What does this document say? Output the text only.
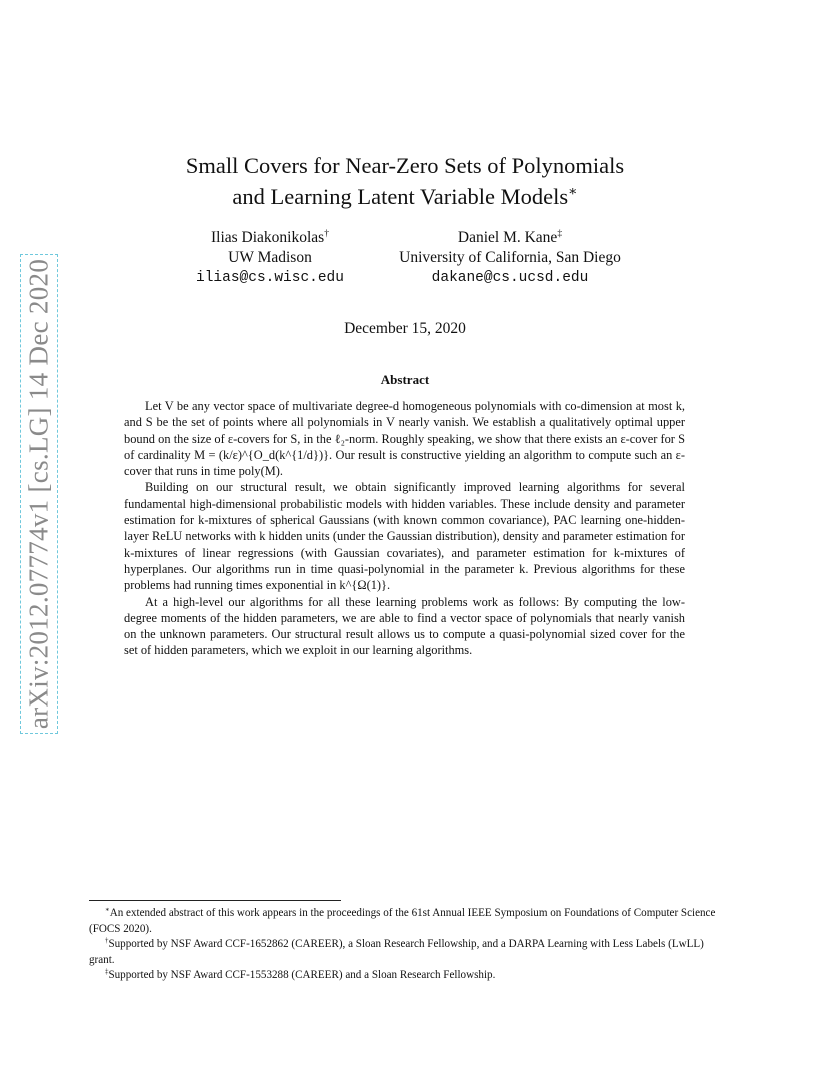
arXiv:2012.07774v1 [cs.LG] 14 Dec 2020
Small Covers for Near-Zero Sets of Polynomials
and Learning Latent Variable Models∗
Ilias Diakonikolas†
UW Madison
ilias@cs.wisc.edu
Daniel M. Kane‡
University of California, San Diego
dakane@cs.ucsd.edu
December 15, 2020
Abstract

Let V be any vector space of multivariate degree-d homogeneous polynomials with co-dimension at most k, and S be the set of points where all polynomials in V nearly vanish. We establish a qualitatively optimal upper bound on the size of ε-covers for S, in the ℓ₂-norm. Roughly speaking, we show that there exists an ε-cover for S of cardinality M = (k/ε)^{O_d(k^{1/d})}. Our result is constructive yielding an algorithm to compute such an ε-cover that runs in time poly(M).

Building on our structural result, we obtain significantly improved learning algorithms for several fundamental high-dimensional probabilistic models with hidden variables. These include density and parameter estimation for k-mixtures of spherical Gaussians (with known common covariance), PAC learning one-hidden-layer ReLU networks with k hidden units (under the Gaussian distribution), density and parameter estimation for k-mixtures of linear regressions (with Gaussian covariates), and parameter estimation for k-mixtures of hyperplanes. Our algorithms run in time quasi-polynomial in the parameter k. Previous algorithms for these problems had running times exponential in k^{Ω(1)}.

At a high-level our algorithms for all these learning problems work as follows: By computing the low-degree moments of the hidden parameters, we are able to find a vector space of polynomials that nearly vanish on the unknown parameters. Our structural result allows us to compute a quasi-polynomial sized cover for the set of hidden parameters, which we exploit in our learning algorithms.

∗An extended abstract of this work appears in the proceedings of the 61st Annual IEEE Symposium on Foundations of Computer Science (FOCS 2020).

†Supported by NSF Award CCF-1652862 (CAREER), a Sloan Research Fellowship, and a DARPA Learning with Less Labels (LwLL) grant.

‡Supported by NSF Award CCF-1553288 (CAREER) and a Sloan Research Fellowship.
